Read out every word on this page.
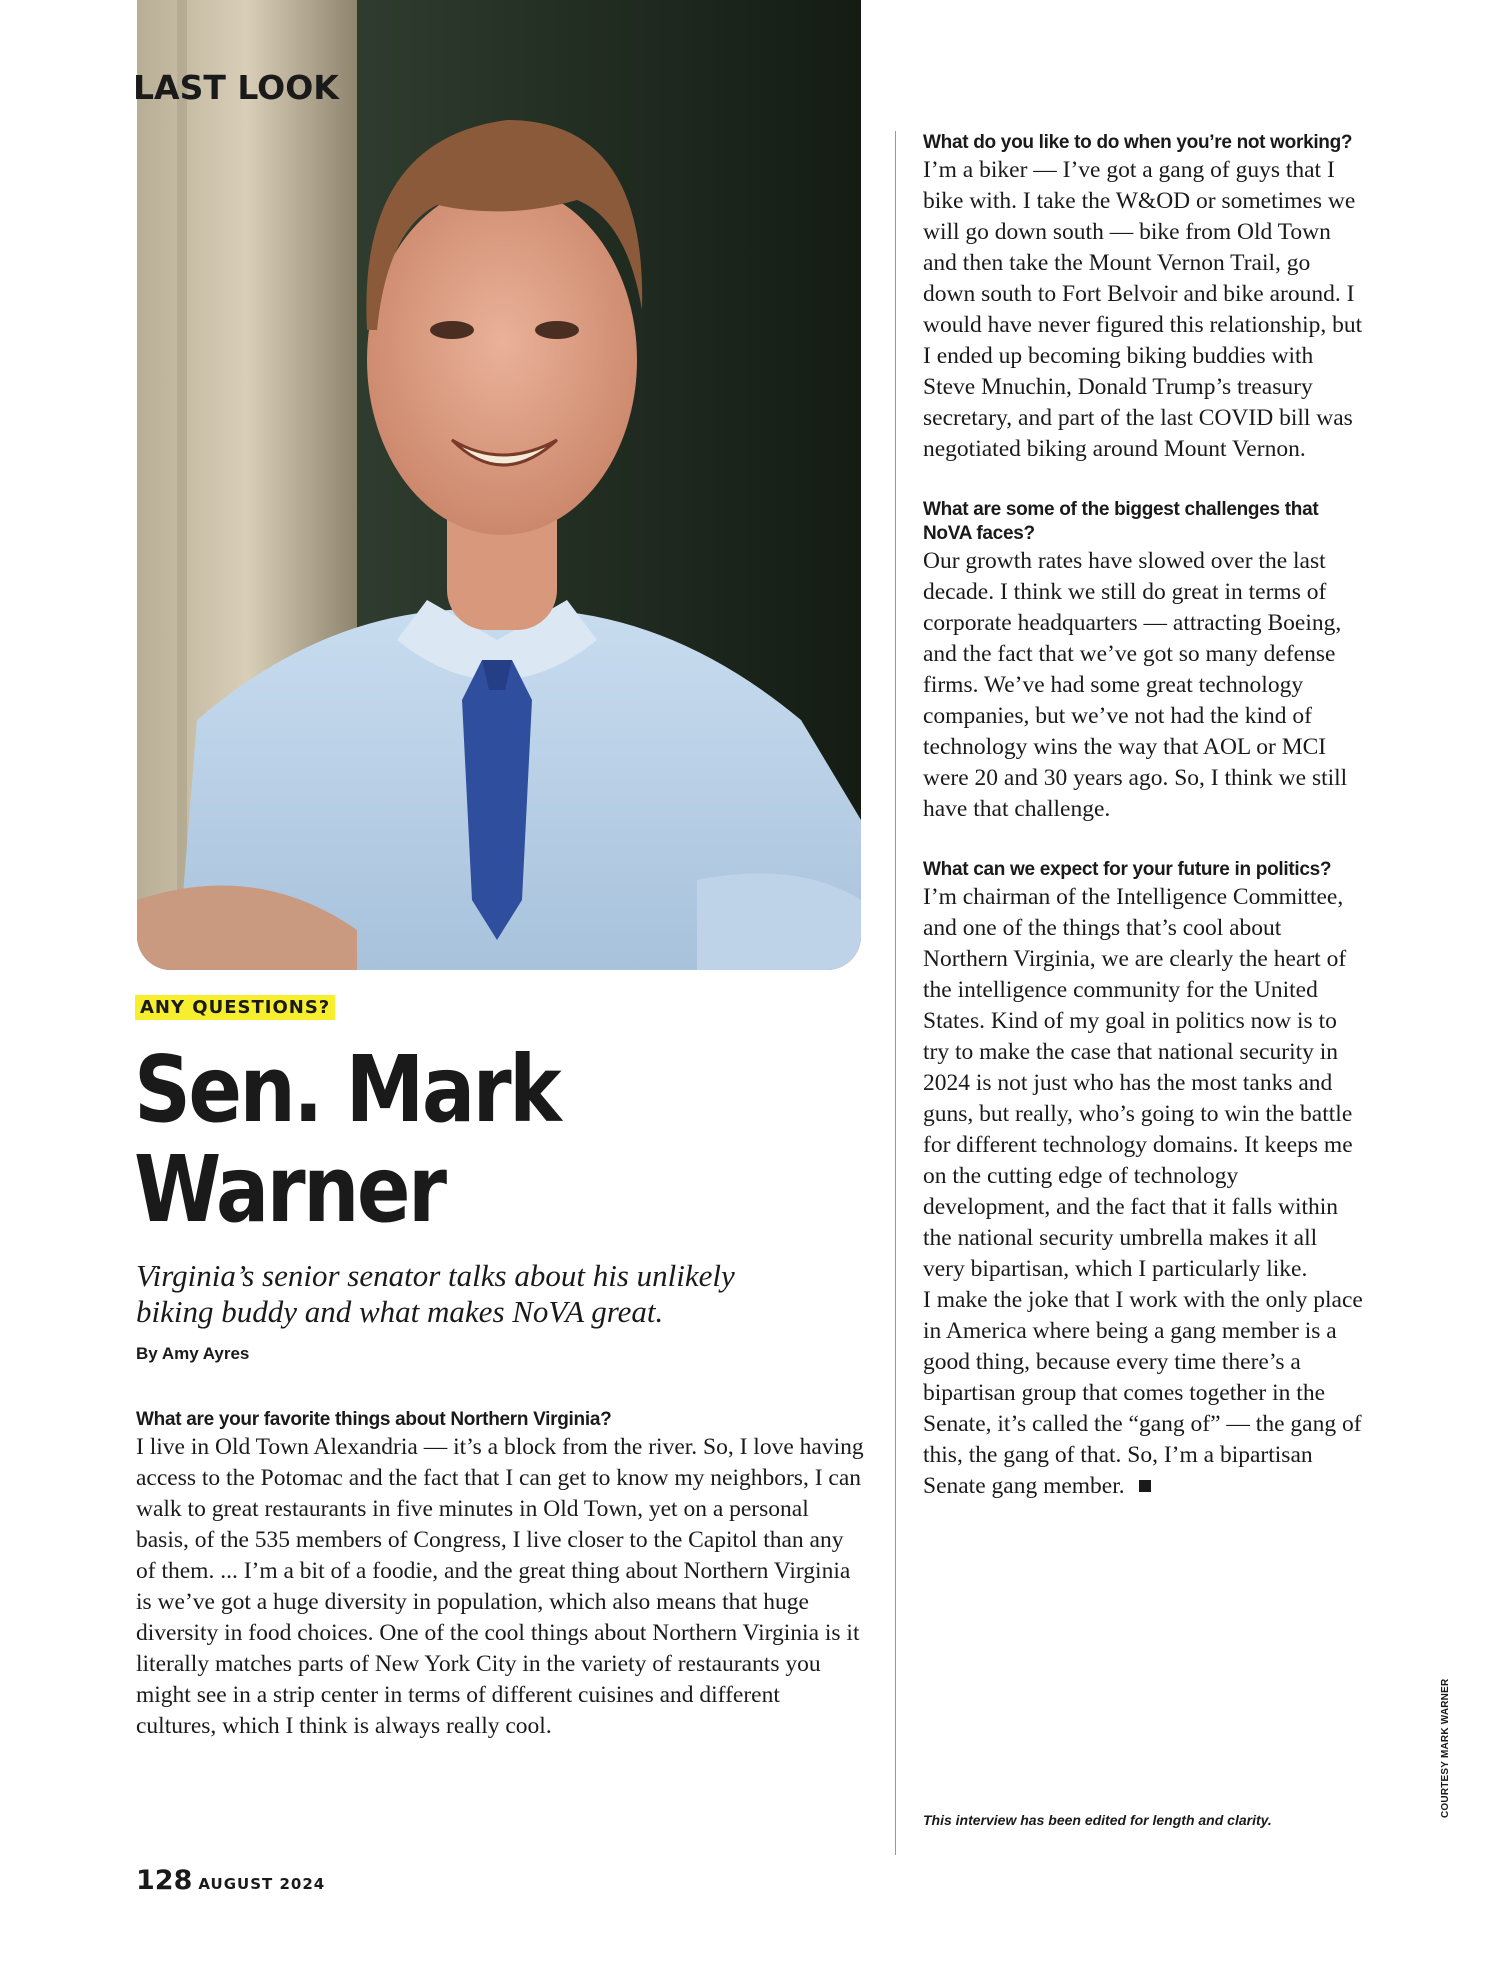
LAST LOOK
ANY QUESTIONS?
Sen. Mark
Warner
Virginia’s senior senator talks about his unlikely
biking buddy and what makes NoVA great.
By Amy Ayres

What are your favorite things about Northern Virginia?

I live in Old Town Alexandria — it’s a block from the river. So, I love having access to the Potomac and the fact that I can get to know my neighbors, I can walk to great restaurants in five minutes in Old Town, yet on a personal basis, of the 535 members of Congress, I live closer to the Capitol than any of them. ... I’m a bit of a foodie, and the great thing about Northern Virginia is we’ve got a huge diversity in population, which also means that huge diversity in food choices. One of the cool things about Northern Virginia is it literally matches parts of New York City in the variety of restaurants you might see in a strip center in terms of different cuisines and different cultures, which I think is always really cool.

What do you like to do when you’re not working?

I’m a biker — I’ve got a gang of guys that I bike with. I take the W&OD or sometimes we will go down south — bike from Old Town and then take the Mount Vernon Trail, go down south to Fort Belvoir and bike around. I would have never figured this relationship, but I ended up becoming biking buddies with Steve Mnuchin, Donald Trump’s treasury secretary, and part of the last COVID bill was negotiated biking around Mount Vernon.

What are some of the biggest challenges that NoVA faces?

Our growth rates have slowed over the last decade. I think we still do great in terms of corporate headquarters — attracting Boeing, and the fact that we’ve got so many defense firms. We’ve had some great technology companies, but we’ve not had the kind of technology wins the way that AOL or MCI were 20 and 30 years ago. So, I think we still have that challenge.

What can we expect for your future in politics?

I’m chairman of the Intelligence Committee, and one of the things that’s cool about Northern Virginia, we are clearly the heart of the intelligence community for the United States. Kind of my goal in politics now is to try to make the case that national security in 2024 is not just who has the most tanks and guns, but really, who’s going to win the battle for different technology domains. It keeps me on the cutting edge of technology development, and the fact that it falls within the national security umbrella makes it all very bipartisan, which I particularly like.

I make the joke that I work with the only place in America where being a gang member is a good thing, because every time there’s a bipartisan group that comes together in the Senate, it’s called the “gang of” — the gang of this, the gang of that. So, I’m a bipartisan Senate gang member.

This interview has been edited for length and clarity.
COURTESY MARK WARNER
128 AUGUST 2024
